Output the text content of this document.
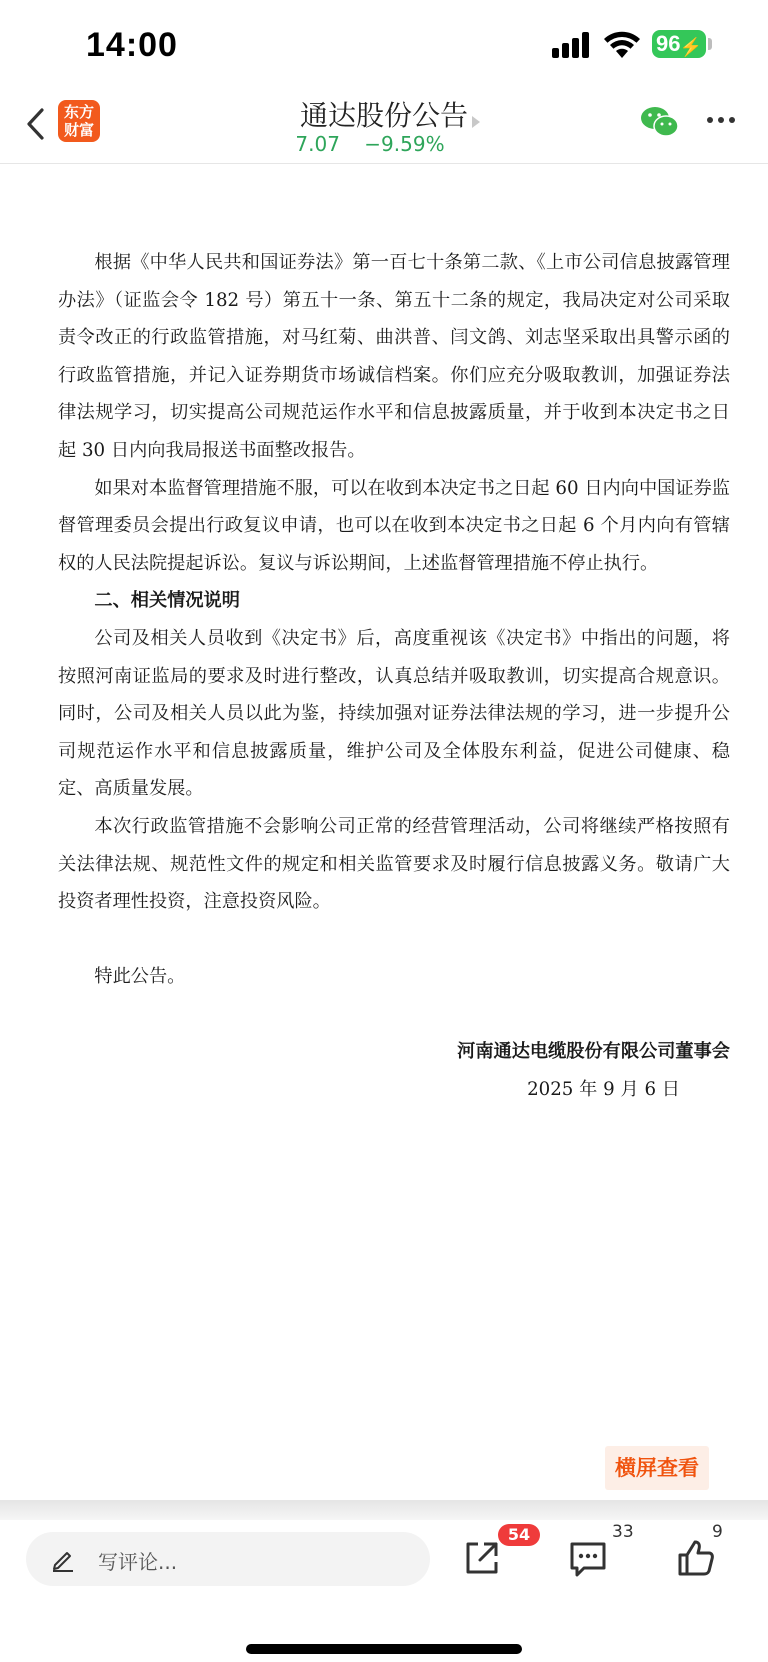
14:00	96 ⚡
东方
财富	通达股份公告
7.07 −9.59%

根据《中华人民共和国证券法》第一百七十条第二款、《上市公司信息披露管理办法》（证监会令 182 号）第五十一条、第五十二条的规定，我局决定对公司采取责令改正的行政监管措施，对马红菊、曲洪普、闫文鸽、刘志坚采取出具警示函的行政监管措施，并记入证券期货市场诚信档案。你们应充分吸取教训，加强证券法律法规学习，切实提高公司规范运作水平和信息披露质量，并于收到本决定书之日起 30 日内向我局报送书面整改报告。

如果对本监督管理措施不服，可以在收到本决定书之日起 60 日内向中国证券监督管理委员会提出行政复议申请，也可以在收到本决定书之日起 6 个月内向有管辖权的人民法院提起诉讼。复议与诉讼期间，上述监督管理措施不停止执行。

二、相关情况说明

公司及相关人员收到《决定书》后，高度重视该《决定书》中指出的问题，将按照河南证监局的要求及时进行整改，认真总结并吸取教训，切实提高合规意识。同时，公司及相关人员以此为鉴，持续加强对证券法律法规的学习，进一步提升公司规范运作水平和信息披露质量，维护公司及全体股东利益，促进公司健康、稳定、高质量发展。

本次行政监管措施不会影响公司正常的经营管理活动，公司将继续严格按照有关法律法规、规范性文件的规定和相关监管要求及时履行信息披露义务。敬请广大投资者理性投资，注意投资风险。

特此公告。

河南通达电缆股份有限公司董事会

2025 年 9 月 6 日

横屏查看
写评论...
54	33	9
